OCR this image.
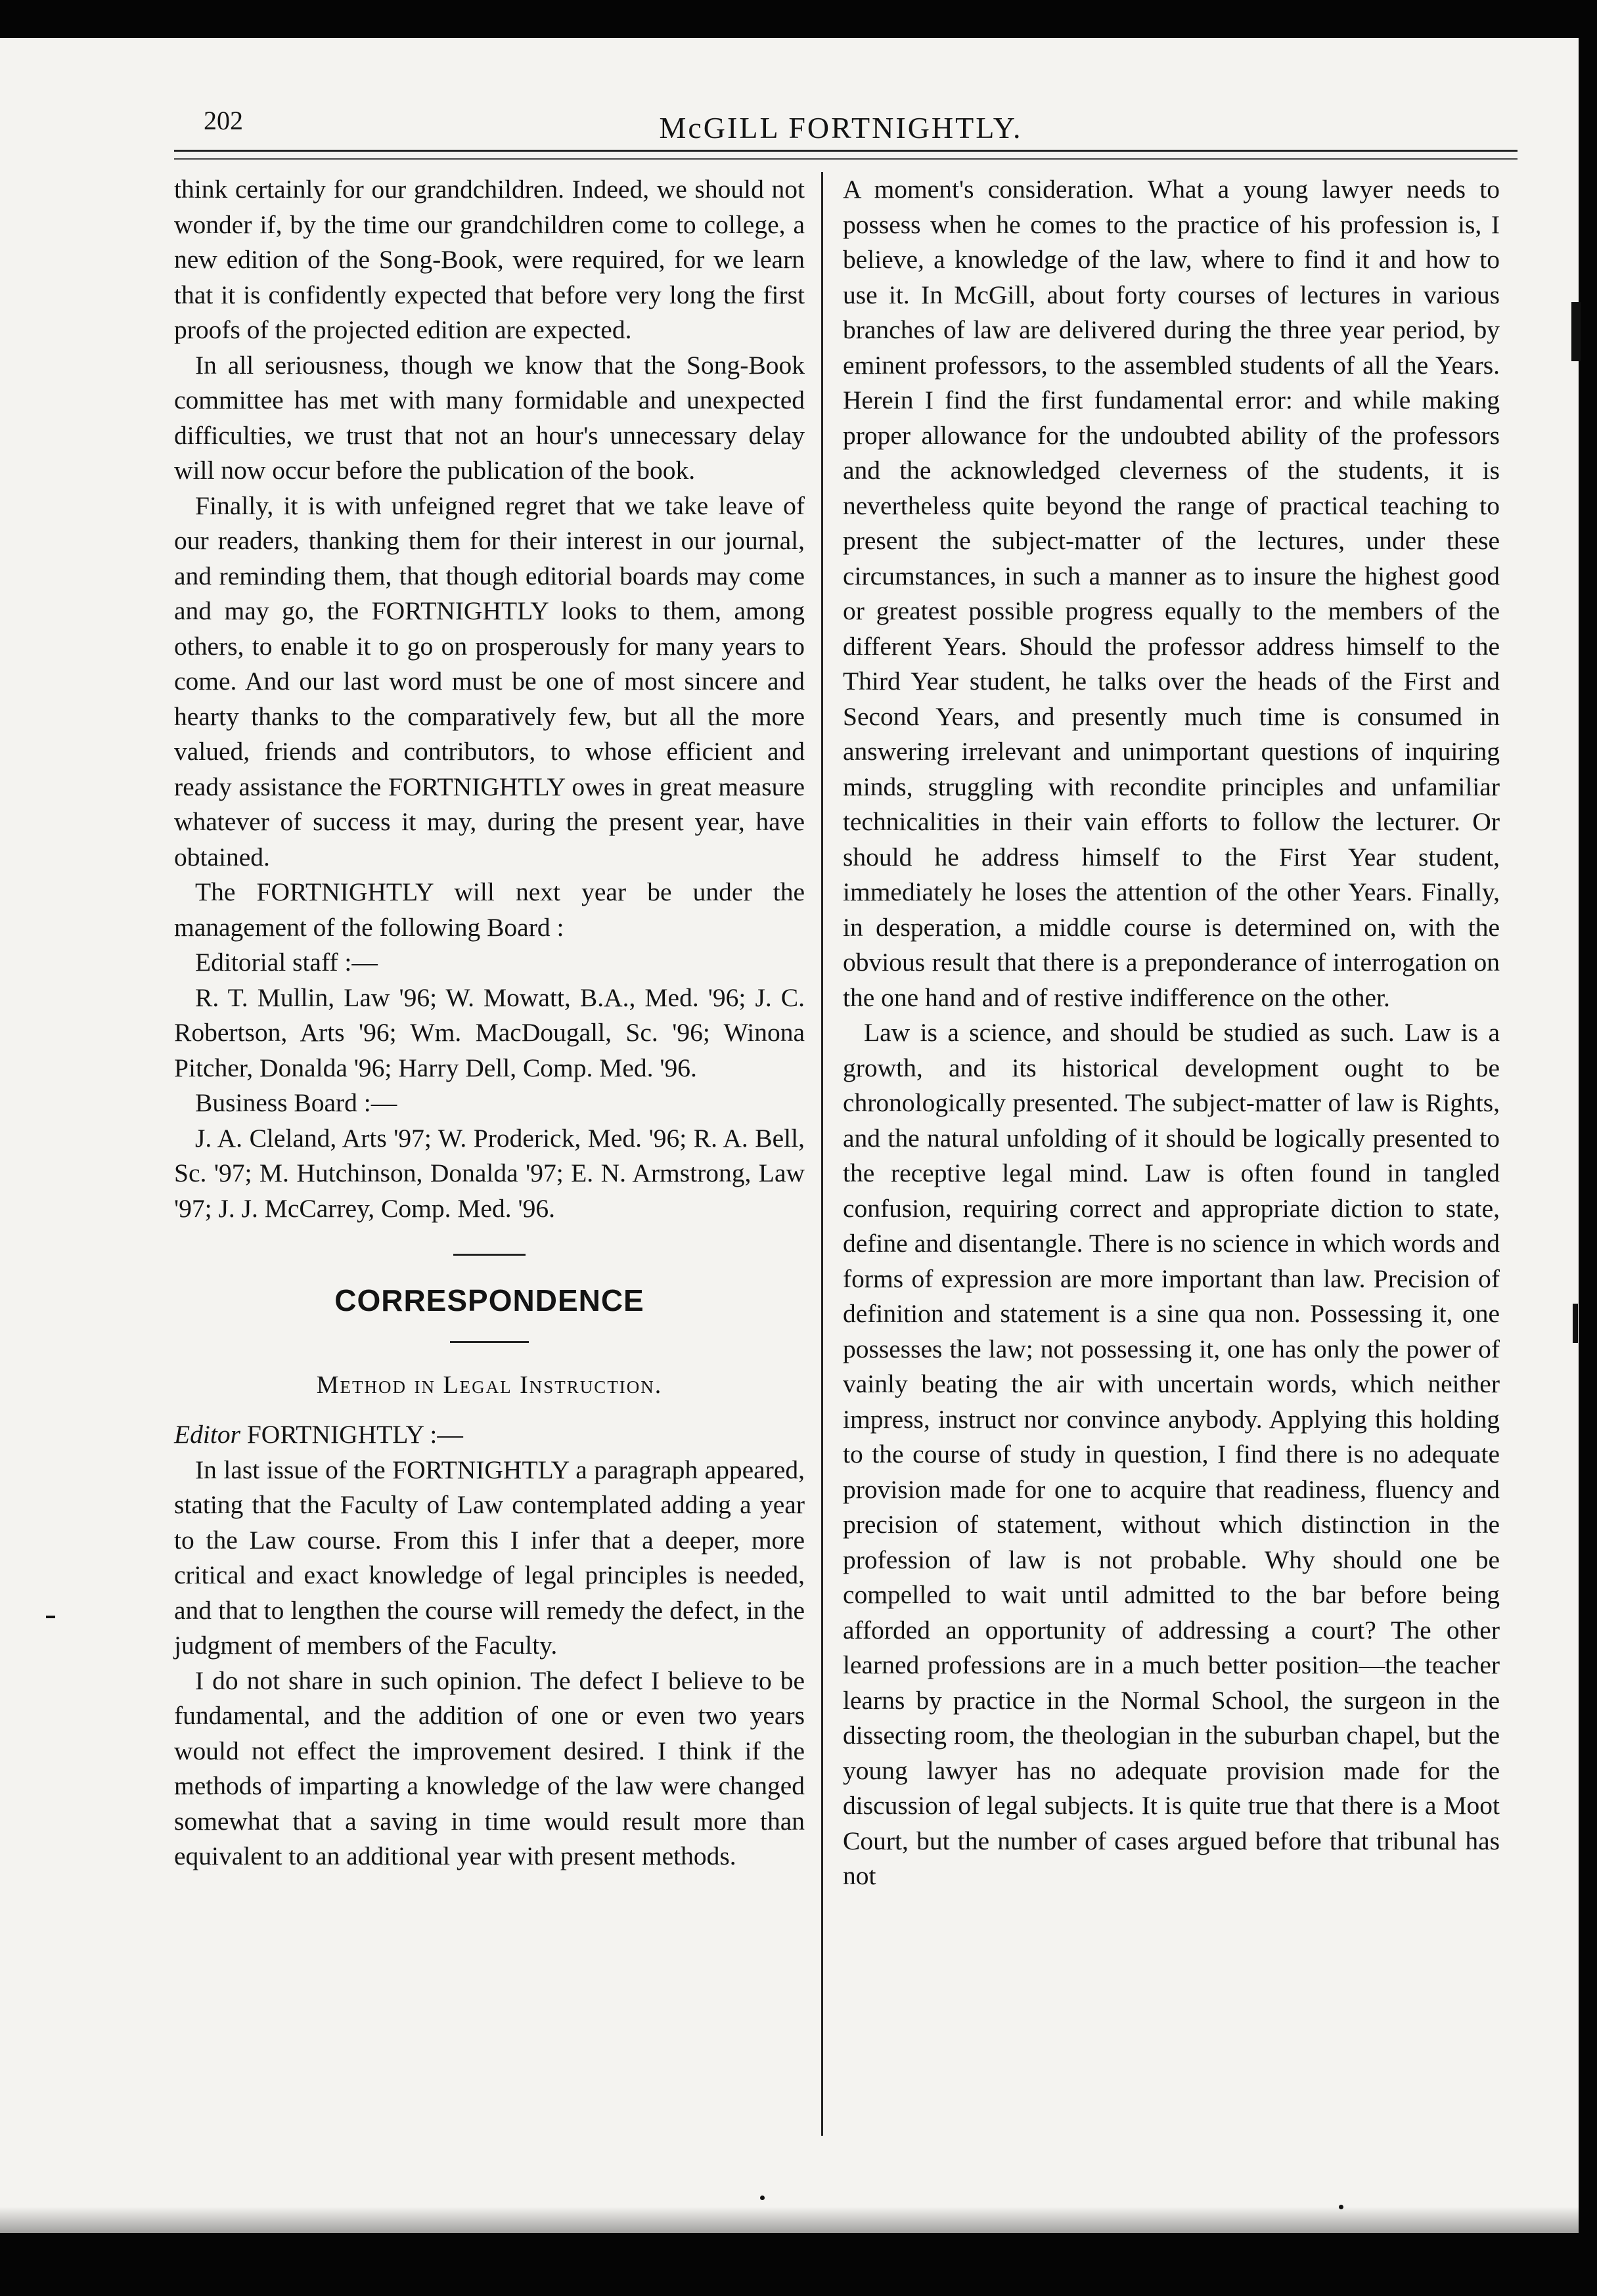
202	McGILL FORTNIGHTLY.

think certainly for our grandchildren. Indeed, we should not wonder if, by the time our grandchildren come to college, a new edition of the Song-Book, were required, for we learn that it is confidently expected that before very long the first proofs of the projected edition are expected.

In all seriousness, though we know that the Song-Book committee has met with many formidable and unexpected difficulties, we trust that not an hour's unnecessary delay will now occur before the publication of the book.

Finally, it is with unfeigned regret that we take leave of our readers, thanking them for their interest in our journal, and reminding them, that though editorial boards may come and may go, the FORTNIGHTLY looks to them, among others, to enable it to go on prosperously for many years to come. And our last word must be one of most sincere and hearty thanks to the comparatively few, but all the more valued, friends and contributors, to whose efficient and ready assistance the FORTNIGHTLY owes in great measure whatever of success it may, during the present year, have obtained.

The FORTNIGHTLY will next year be under the management of the following Board :

Editorial staff :—

R. T. Mullin, Law '96; W. Mowatt, B.A., Med. '96; J. C. Robertson, Arts '96; Wm. MacDougall, Sc. '96; Winona Pitcher, Donalda '96; Harry Dell, Comp. Med. '96.

Business Board :—

J. A. Cleland, Arts '97; W. Proderick, Med. '96; R. A. Bell, Sc. '97; M. Hutchinson, Donalda '97; E. N. Armstrong, Law '97; J. J. McCarrey, Comp. Med. '96.

CORRESPONDENCE
Method in Legal Instruction.

Editor FORTNIGHTLY :—

In last issue of the FORTNIGHTLY a paragraph appeared, stating that the Faculty of Law contemplated adding a year to the Law course. From this I infer that a deeper, more critical and exact knowledge of legal principles is needed, and that to lengthen the course will remedy the defect, in the judgment of members of the Faculty.

I do not share in such opinion. The defect I believe to be fundamental, and the addition of one or even two years would not effect the improvement desired. I think if the methods of imparting a knowledge of the law were changed somewhat that a saving in time would result more than equivalent to an additional year with present methods.

A moment's consideration. What a young lawyer needs to possess when he comes to the practice of his profession is, I believe, a knowledge of the law, where to find it and how to use it. In McGill, about forty courses of lectures in various branches of law are delivered during the three year period, by eminent professors, to the assembled students of all the Years. Herein I find the first fundamental error: and while making proper allowance for the undoubted ability of the professors and the acknowledged cleverness of the students, it is nevertheless quite beyond the range of practical teaching to present the subject-matter of the lectures, under these circumstances, in such a manner as to insure the highest good or greatest possible progress equally to the members of the different Years. Should the professor address himself to the Third Year student, he talks over the heads of the First and Second Years, and presently much time is consumed in answering irrelevant and unimportant questions of inquiring minds, struggling with recondite principles and unfamiliar technicalities in their vain efforts to follow the lecturer. Or should he address himself to the First Year student, immediately he loses the attention of the other Years. Finally, in desperation, a middle course is determined on, with the obvious result that there is a preponderance of interrogation on the one hand and of restive indifference on the other.

Law is a science, and should be studied as such. Law is a growth, and its historical development ought to be chronologically presented. The subject-matter of law is Rights, and the natural unfolding of it should be logically presented to the receptive legal mind. Law is often found in tangled confusion, requiring correct and appropriate diction to state, define and disentangle. There is no science in which words and forms of expression are more important than law. Precision of definition and statement is a sine qua non. Possessing it, one possesses the law; not possessing it, one has only the power of vainly beating the air with uncertain words, which neither impress, instruct nor convince anybody. Applying this holding to the course of study in question, I find there is no adequate provision made for one to acquire that readiness, fluency and precision of statement, without which distinction in the profession of law is not probable. Why should one be compelled to wait until admitted to the bar before being afforded an opportunity of addressing a court? The other learned professions are in a much better position—the teacher learns by practice in the Normal School, the surgeon in the dissecting room, the theologian in the suburban chapel, but the young lawyer has no adequate provision made for the discussion of legal subjects. It is quite true that there is a Moot Court, but the number of cases argued before that tribunal has not
